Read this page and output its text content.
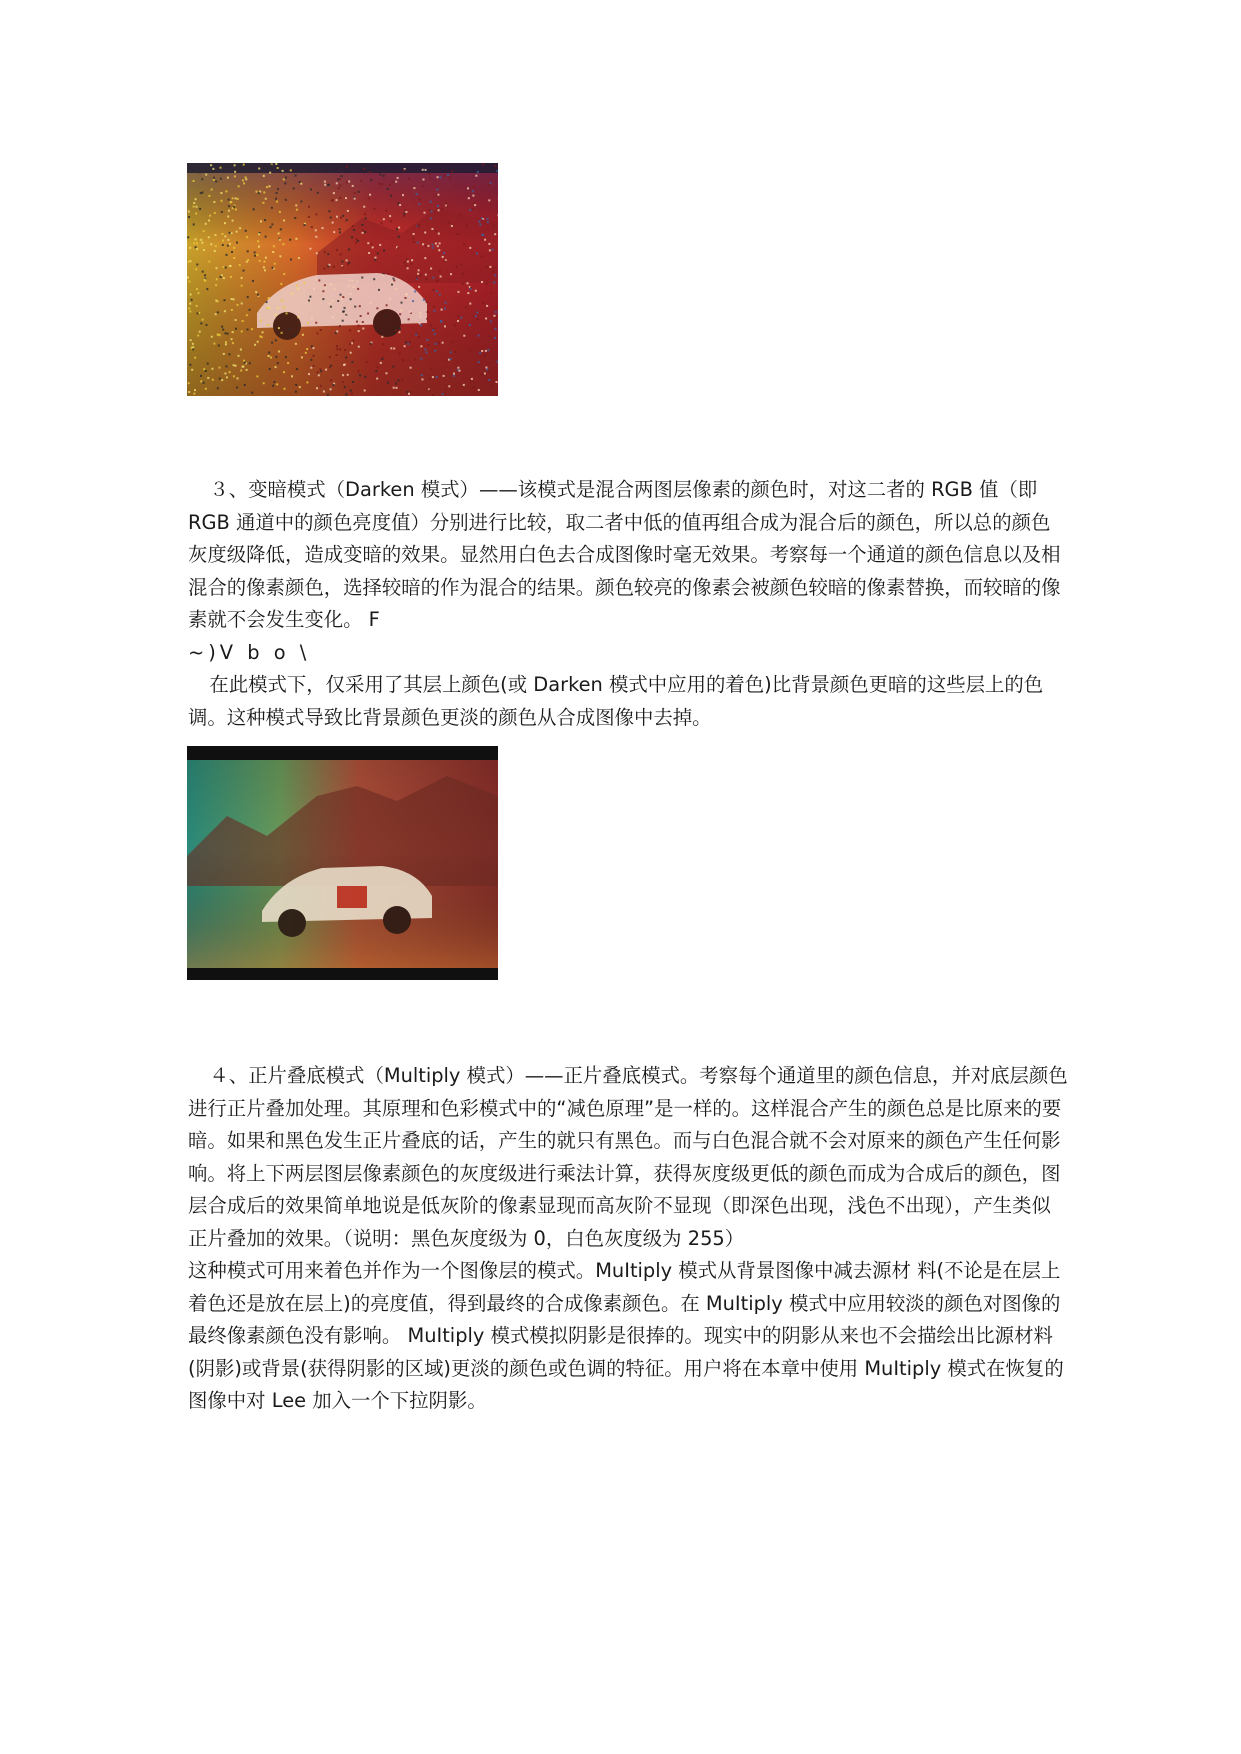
３、变暗模式（Darken 模式）——该模式是混合两图层像素的颜色时，对这二者的 RGB 值（即 RGB 通道中的颜色亮度值）分别进行比较，取二者中低的值再组合成为混合后的颜色，所以总的颜色灰度级降低，造成变暗的效果。显然用白色去合成图像时毫无效果。考察每一个通道的颜色信息以及相混合的像素颜色，选择较暗的作为混合的结果。颜色较亮的像素会被颜色较暗的像素替换，而较暗的像素就不会发生变化。 F

~)V b o \

在此模式下，仅采用了其层上颜色(或 Darken 模式中应用的着色)比背景颜色更暗的这些层上的色调。这种模式导致比背景颜色更淡的颜色从合成图像中去掉。

４、正片叠底模式（Multiply 模式）——正片叠底模式。考察每个通道里的颜色信息，并对底层颜色进行正片叠加处理。其原理和色彩模式中的“减色原理”是一样的。这样混合产生的颜色总是比原来的要暗。如果和黑色发生正片叠底的话，产生的就只有黑色。而与白色混合就不会对原来的颜色产生任何影响。将上下两层图层像素颜色的灰度级进行乘法计算，获得灰度级更低的颜色而成为合成后的颜色，图层合成后的效果简单地说是低灰阶的像素显现而高灰阶不显现（即深色出现，浅色不出现），产生类似正片叠加的效果。（说明：黑色灰度级为 0，白色灰度级为 255）

这种模式可用来着色并作为一个图像层的模式。MuItiply 模式从背景图像中减去源材 料(不论是在层上着色还是放在层上)的亮度值，得到最终的合成像素颜色。在 MuItiply 模式中应用较淡的颜色对图像的最终像素颜色没有影响。 MuItiply 模式模拟阴影是很捧的。现实中的阴影从来也不会描绘出比源材料(阴影)或背景(获得阴影的区域)更淡的颜色或色调的特征。用户将在本章中使用 MuItiply 模式在恢复的图像中对 Lee 加入一个下拉阴影。
